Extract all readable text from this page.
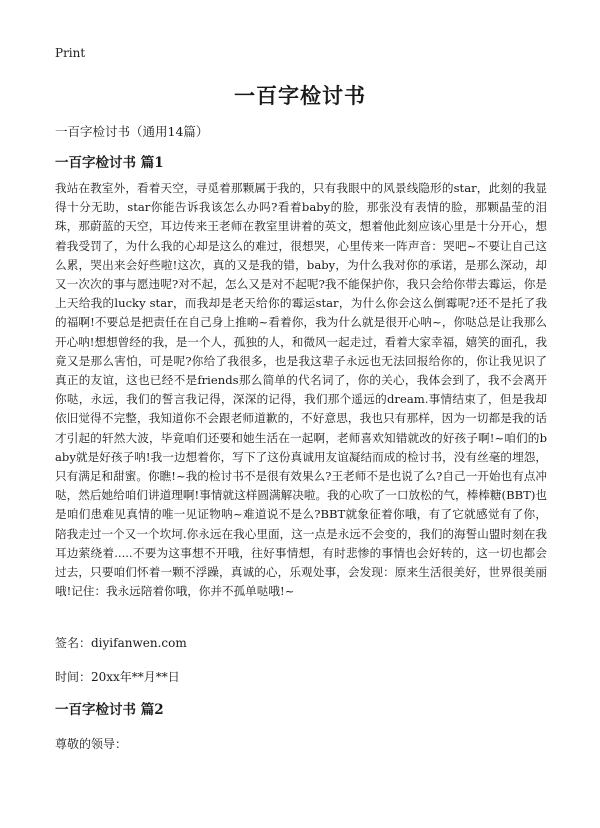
Print
一百字检讨书
一百字检讨书（通用14篇）
一百字检讨书 篇1
我站在教室外，看着天空，寻觅着那颗属于我的，只有我眼中的风景线隐形的star，此刻的我显得十分无助，star你能告诉我该怎么办吗?看着baby的脸，那张没有表情的脸，那颗晶莹的泪珠，那蔚蓝的天空，耳边传来王老师在教室里讲着的英文，想着他此刻应该心里是十分开心，想着我受罚了，为什么我的心却是这么的难过，很想哭，心里传来一阵声音：哭吧~不要让自己这么累，哭出来会好些啦!这次，真的又是我的错，baby，为什么我对你的承诺，是那么深动，却又一次次的事与愿违呢?对不起，怎么又是对不起呢?我不能保护你，我只会给你带去霉运，你是上天给我的lucky star，而我却是老天给你的霉运star，为什么你会这么倒霉呢?还不是托了我的福啊!不要总是把责任在自己身上推啲~看着你，我为什么就是很开心呐~，你哒总是让我那么开心呐!想想曾经的我，是一个人，孤独的人，和微风一起走过，看着大家幸福，嬉笑的面孔，我竟又是那么害怕，可是呢?你给了我很多，也是我这辈子永远也无法回报给你的，你让我见识了真正的友谊，这也已经不是friends那么简单的代名词了，你的关心，我体会到了，我不会离开你哒，永远，我们的誓言我记得，深深的记得，我们那个遥远的dream.事情结束了，但是我却依旧觉得不完整，我知道你不会跟老师道歉的，不好意思，我也只有那样，因为一切都是我的话才引起的轩然大波，毕竟咱们还要和她生活在一起啊，老师喜欢知错就改的好孩子啊!~咱们的baby就是好孩子呐!我一边想着你，写下了这份真诚用友谊凝结而成的检讨书，没有丝毫的埋怨，只有满足和甜蜜。你瞧!~我的检讨书不是很有效果么?王老师不是也说了么?自己一开始也有点冲哒，然后她给咱们讲道理啊!事情就这样圆满解决啦。我的心吹了一口放松的气，棒棒糖(BBT)也是咱们患难见真情的唯一见证物呐~难道说不是么?BBT就象征着你哦，有了它就感觉有了你，陪我走过一个又一个坎坷.你永远在我心里面，这一点是永远不会变的，我们的海誓山盟时刻在我耳边萦绕着.....不要为这事想不开哦，往好事情想，有时悲惨的事情也会好转的，这一切也都会过去，只要咱们怀着一颗不浮躁，真诚的心，乐观处事，会发现：原来生活很美好，世界很美丽哦!记住：我永远陪着你哦，你并不孤单哒哦!~
签名：diyifanwen.com
时间：20xx年**月**日
一百字检讨书 篇2
尊敬的领导：
